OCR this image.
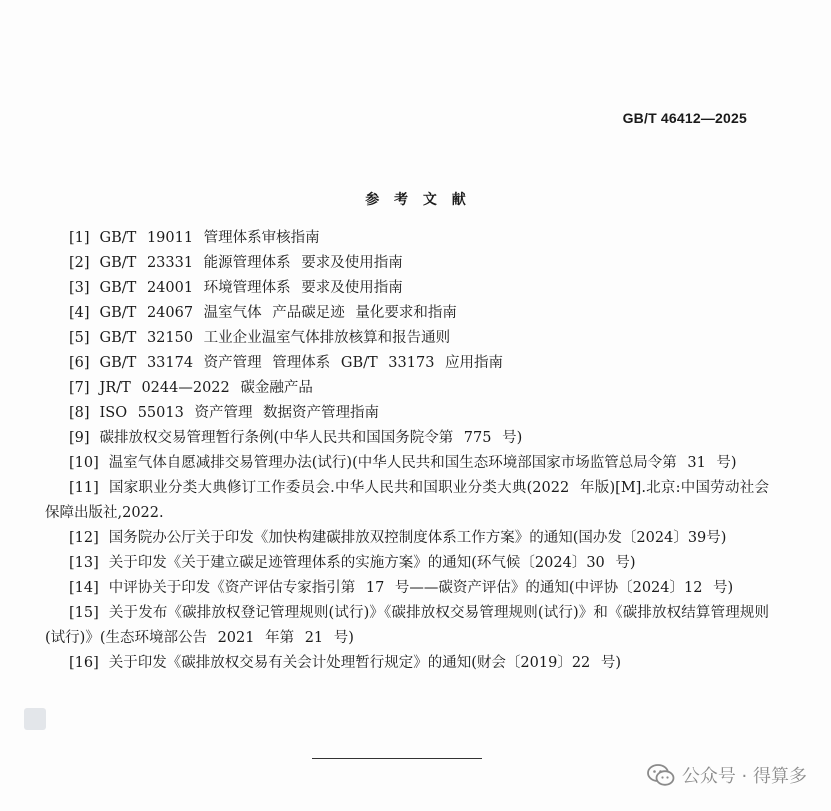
GB/T 46412—2025
参 考 文 献
[1] GB/T 19011 管理体系审核指南
[2] GB/T 23331 能源管理体系 要求及使用指南
[3] GB/T 24001 环境管理体系 要求及使用指南
[4] GB/T 24067 温室气体 产品碳足迹 量化要求和指南
[5] GB/T 32150 工业企业温室气体排放核算和报告通则
[6] GB/T 33174 资产管理 管理体系 GB/T 33173 应用指南
[7] JR/T 0244—2022 碳金融产品
[8] ISO 55013 资产管理 数据资产管理指南
[9] 碳排放权交易管理暂行条例(中华人民共和国国务院令第 775 号)
[10] 温室气体自愿减排交易管理办法(试行)(中华人民共和国生态环境部国家市场监管总局令第 31 号)
[11] 国家职业分类大典修订工作委员会.中华人民共和国职业分类大典(2022 年版)[M].北京:中国劳动社会保障出版社,2022.
[12] 国务院办公厅关于印发《加快构建碳排放双控制度体系工作方案》的通知(国办发〔2024〕39号)
[13] 关于印发《关于建立碳足迹管理体系的实施方案》的通知(环气候〔2024〕30 号)
[14] 中评协关于印发《资产评估专家指引第 17 号——碳资产评估》的通知(中评协〔2024〕12 号)
[15] 关于发布《碳排放权登记管理规则(试行)》《碳排放权交易管理规则(试行)》和《碳排放权结算管理规则(试行)》(生态环境部公告 2021 年第 21 号)
[16] 关于印发《碳排放权交易有关会计处理暂行规定》的通知(财会〔2019〕22 号)
公众号 · 得算多
